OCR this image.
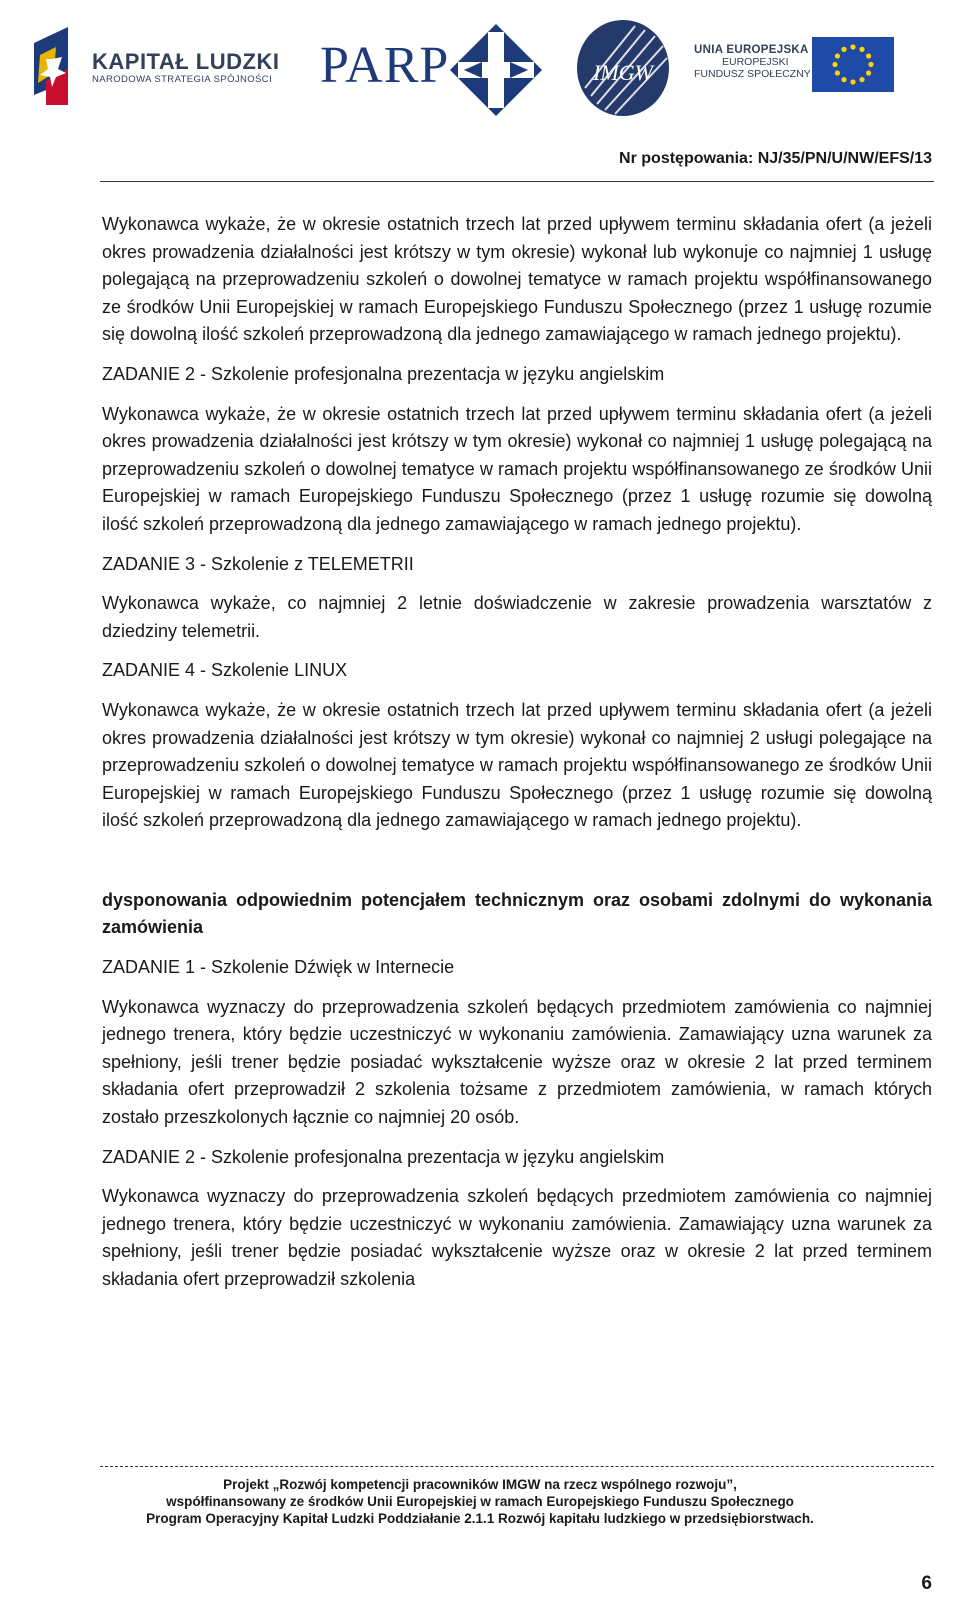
KAPITAŁ LUDZKI
NARODOWA STRATEGIA SPÓJNOŚCI PARP	IMGW
UNIA EUROPEJSKA
EUROPEJSKI
FUNDUSZ SPOŁECZNY
Nr postępowania: NJ/35/PN/U/NW/EFS/13

Wykonawca wykaże, że w okresie ostatnich trzech lat przed upływem terminu składania ofert (a jeżeli okres prowadzenia działalności jest krótszy w tym okresie) wykonał lub wykonuje co najmniej 1 usługę polegającą na przeprowadzeniu szkoleń o dowolnej tematyce w ramach projektu współfinansowanego ze środków Unii Europejskiej w ramach Europejskiego Funduszu Społecznego (przez 1 usługę rozumie się dowolną ilość szkoleń przeprowadzoną dla jednego zamawiającego w ramach jednego projektu).

ZADANIE 2 - Szkolenie profesjonalna prezentacja w języku angielskim

Wykonawca wykaże, że w okresie ostatnich trzech lat przed upływem terminu składania ofert (a jeżeli okres prowadzenia działalności jest krótszy w tym okresie) wykonał co najmniej 1 usługę polegającą na przeprowadzeniu szkoleń o dowolnej tematyce w ramach projektu współfinansowanego ze środków Unii Europejskiej w ramach Europejskiego Funduszu Społecznego (przez 1 usługę rozumie się dowolną ilość szkoleń przeprowadzoną dla jednego zamawiającego w ramach jednego projektu).

ZADANIE 3 - Szkolenie z TELEMETRII

Wykonawca wykaże, co najmniej 2 letnie doświadczenie w zakresie prowadzenia warsztatów z dziedziny telemetrii.

ZADANIE 4 - Szkolenie LINUX

Wykonawca wykaże, że w okresie ostatnich trzech lat przed upływem terminu składania ofert (a jeżeli okres prowadzenia działalności jest krótszy w tym okresie) wykonał co najmniej 2 usługi polegające na przeprowadzeniu szkoleń o dowolnej tematyce w ramach projektu współfinansowanego ze środków Unii Europejskiej w ramach Europejskiego Funduszu Społecznego (przez 1 usługę rozumie się dowolną ilość szkoleń przeprowadzoną dla jednego zamawiającego w ramach jednego projektu).

dysponowania odpowiednim potencjałem technicznym oraz osobami zdolnymi do wykonania zamówienia

ZADANIE 1 - Szkolenie Dźwięk w Internecie

Wykonawca wyznaczy do przeprowadzenia szkoleń będących przedmiotem zamówienia co najmniej jednego trenera, który będzie uczestniczyć w wykonaniu zamówienia. Zamawiający uzna warunek za spełniony, jeśli trener będzie posiadać wykształcenie wyższe oraz w okresie 2 lat przed terminem składania ofert przeprowadził 2 szkolenia tożsame z przedmiotem zamówienia, w ramach których zostało przeszkolonych łącznie co najmniej 20 osób.

ZADANIE 2 - Szkolenie profesjonalna prezentacja w języku angielskim

Wykonawca wyznaczy do przeprowadzenia szkoleń będących przedmiotem zamówienia co najmniej jednego trenera, który będzie uczestniczyć w wykonaniu zamówienia. Zamawiający uzna warunek za spełniony, jeśli trener będzie posiadać wykształcenie wyższe oraz w okresie 2 lat przed terminem składania ofert przeprowadził szkolenia

Projekt „Rozwój kompetencji pracowników IMGW na rzecz wspólnego rozwoju”,
współfinansowany ze środków Unii Europejskiej w ramach Europejskiego Funduszu Społecznego
Program Operacyjny Kapitał Ludzki Poddziałanie 2.1.1 Rozwój kapitału ludzkiego w przedsiębiorstwach.
6
